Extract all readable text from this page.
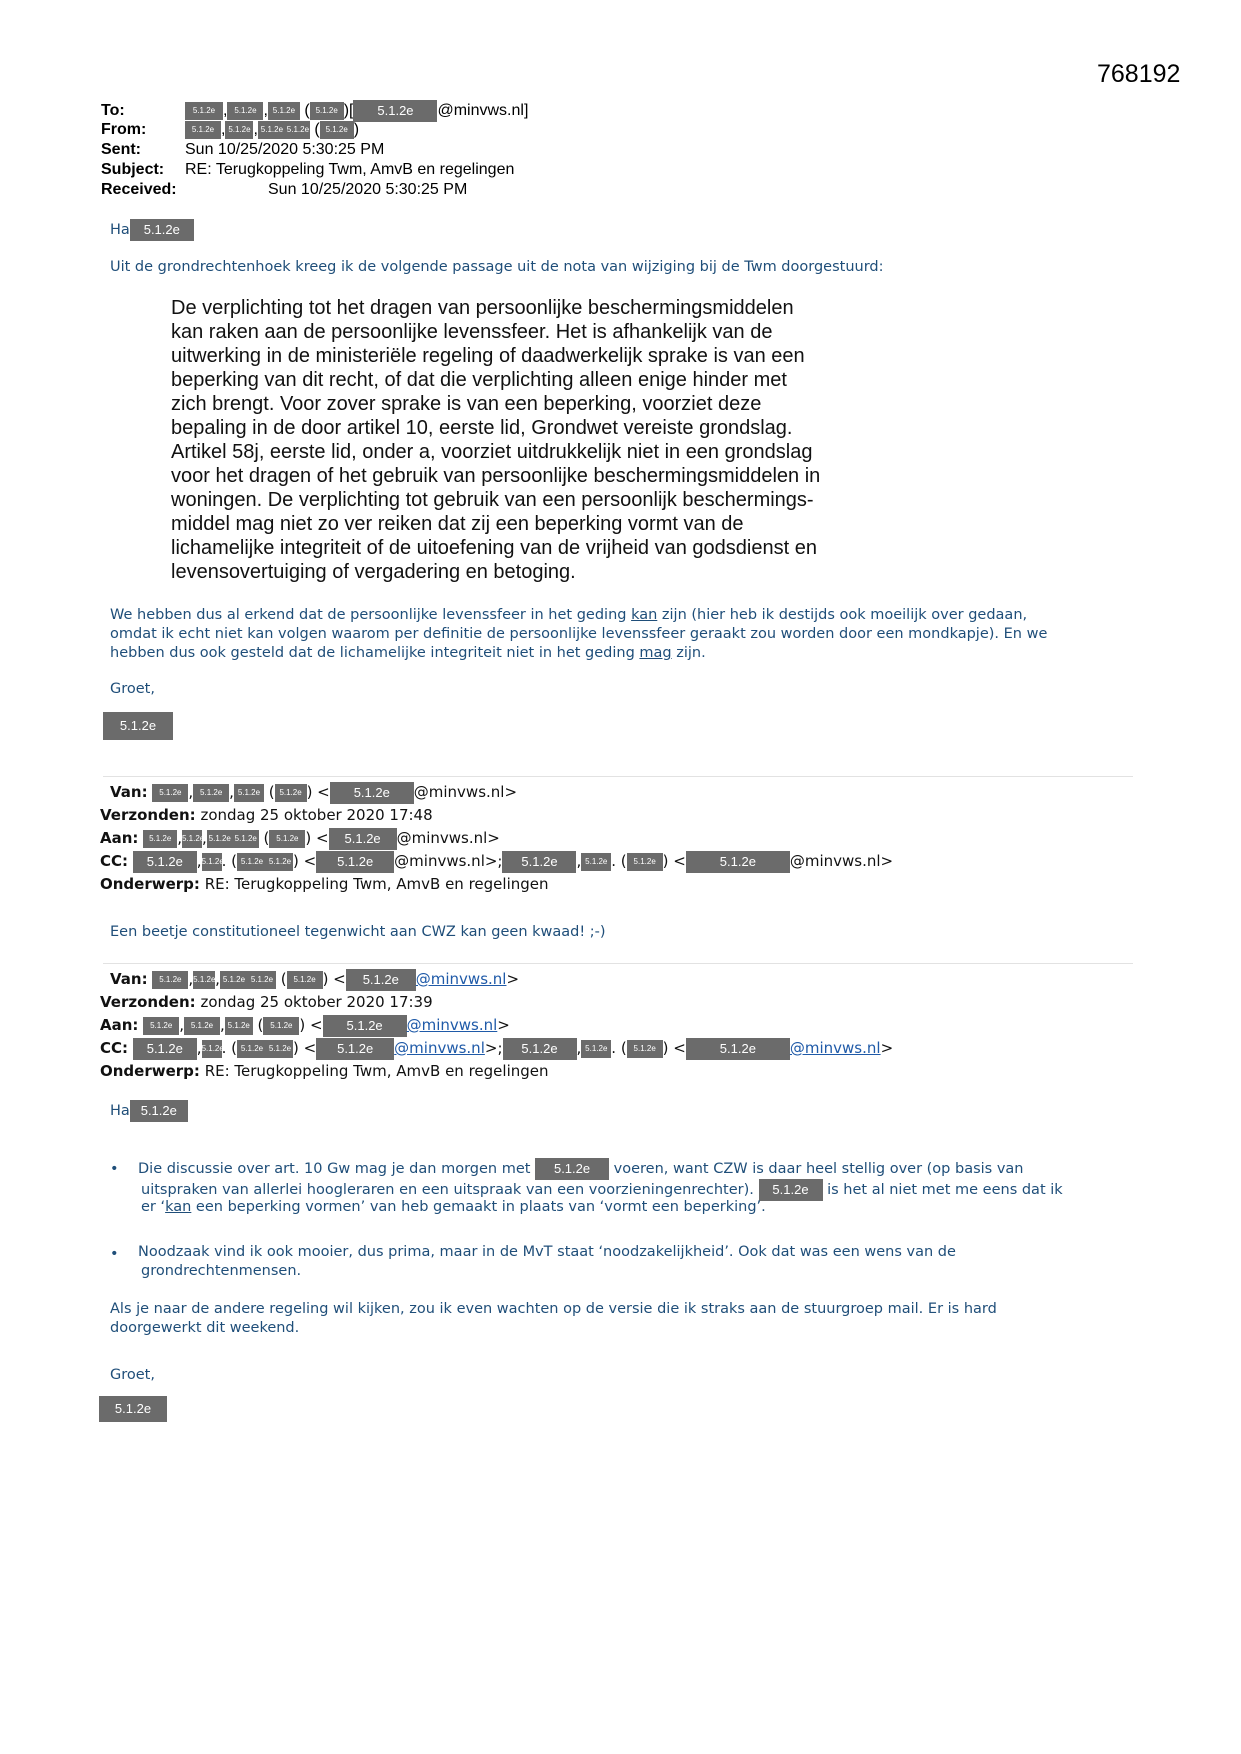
768192
To:	5.1.2e , 5.1.2e , 5.1.2e ( 5.1.2e )[ 5.1.2e @minvws.nl]
From:	5.1.2e , 5.1.2e , 5.1.2e 5.1.2e ( 5.1.2e )
Sent:	Sun 10/25/2020 5:30:25 PM
Subject: RE: Terugkoppeling Twm, AmvB en regelingen
Received:	Sun 10/25/2020 5:30:25 PM
Ha 5.1.2e
Uit de grondrechtenhoek kreeg ik de volgende passage uit de nota van wijziging bij de Twm doorgestuurd:
De verplichting tot het dragen van persoonlijke beschermingsmiddelen
kan raken aan de persoonlijke levenssfeer. Het is afhankelijk van de
uitwerking in de ministeriële regeling of daadwerkelijk sprake is van een
beperking van dit recht, of dat die verplichting alleen enige hinder met
zich brengt. Voor zover sprake is van een beperking, voorziet deze
bepaling in de door artikel 10, eerste lid, Grondwet vereiste grondslag.
Artikel 58j, eerste lid, onder a, voorziet uitdrukkelijk niet in een grondslag
voor het dragen of het gebruik van persoonlijke beschermingsmiddelen in
woningen. De verplichting tot gebruik van een persoonlijk beschermings-
middel mag niet zo ver reiken dat zij een beperking vormt van de
lichamelijke integriteit of de uitoefening van de vrijheid van godsdienst en
levensovertuiging of vergadering en betoging.
We hebben dus al erkend dat de persoonlijke levenssfeer in het geding kan zijn (hier heb ik destijds ook moeilijk over gedaan,
omdat ik echt niet kan volgen waarom per definitie de persoonlijke levenssfeer geraakt zou worden door een mondkapje). En we
hebben dus ook gesteld dat de lichamelijke integriteit niet in het geding mag zijn.
Groet,
5.1.2e
Van: 5.1.2e , 5.1.2e , 5.1.2e ( 5.1.2e ) < 5.1.2e @minvws.nl>
Verzonden: zondag 25 oktober 2020 17:48
Aan: 5.1.2e ,5.1.2e, 5.1.2e 5.1.2e ( 5.1.2e ) < 5.1.2e @minvws.nl>
CC: 5.1.2e ,5.1.2e. ( 5.1.2e 5.1.2e ) < 5.1.2e @minvws.nl>; 5.1.2e , 5.1.2e . ( 5.1.2e ) <	5.1.2e @minvws.nl>
Onderwerp: RE: Terugkoppeling Twm, AmvB en regelingen
Een beetje constitutioneel tegenwicht aan CWZ kan geen kwaad! ;-)
Van: 5.1.2e ,5.1.2e, 5.1.2e 5.1.2e ( 5.1.2e ) < 5.1.2e @minvws.nl>
Verzonden: zondag 25 oktober 2020 17:39
Aan: 5.1.2e , 5.1.2e , 5.1.2e ( 5.1.2e ) < 5.1.2e @minvws.nl>
CC: 5.1.2e ,5.1.2e. ( 5.1.2e 5.1.2e ) < 5.1.2e @minvws.nl>; 5.1.2e , 5.1.2e . ( 5.1.2e ) <	5.1.2e @minvws.nl>
Onderwerp: RE: Terugkoppeling Twm, AmvB en regelingen
Ha 5.1.2e
• Die discussie over art. 10 Gw mag je dan morgen met 5.1.2e voeren, want CZW is daar heel stellig over (op basis van
uitspraken van allerlei hoogleraren en een uitspraak van een voorzieningenrechter). 5.1.2e is het al niet met me eens dat ik
er ‘kan een beperking vormen’ van heb gemaakt in plaats van ‘vormt een beperking’.
• Noodzaak vind ik ook mooier, dus prima, maar in de MvT staat ‘noodzakelijkheid’. Ook dat was een wens van de
grondrechtenmensen.
Als je naar de andere regeling wil kijken, zou ik even wachten op de versie die ik straks aan de stuurgroep mail. Er is hard
doorgewerkt dit weekend.
Groet,
5.1.2e
